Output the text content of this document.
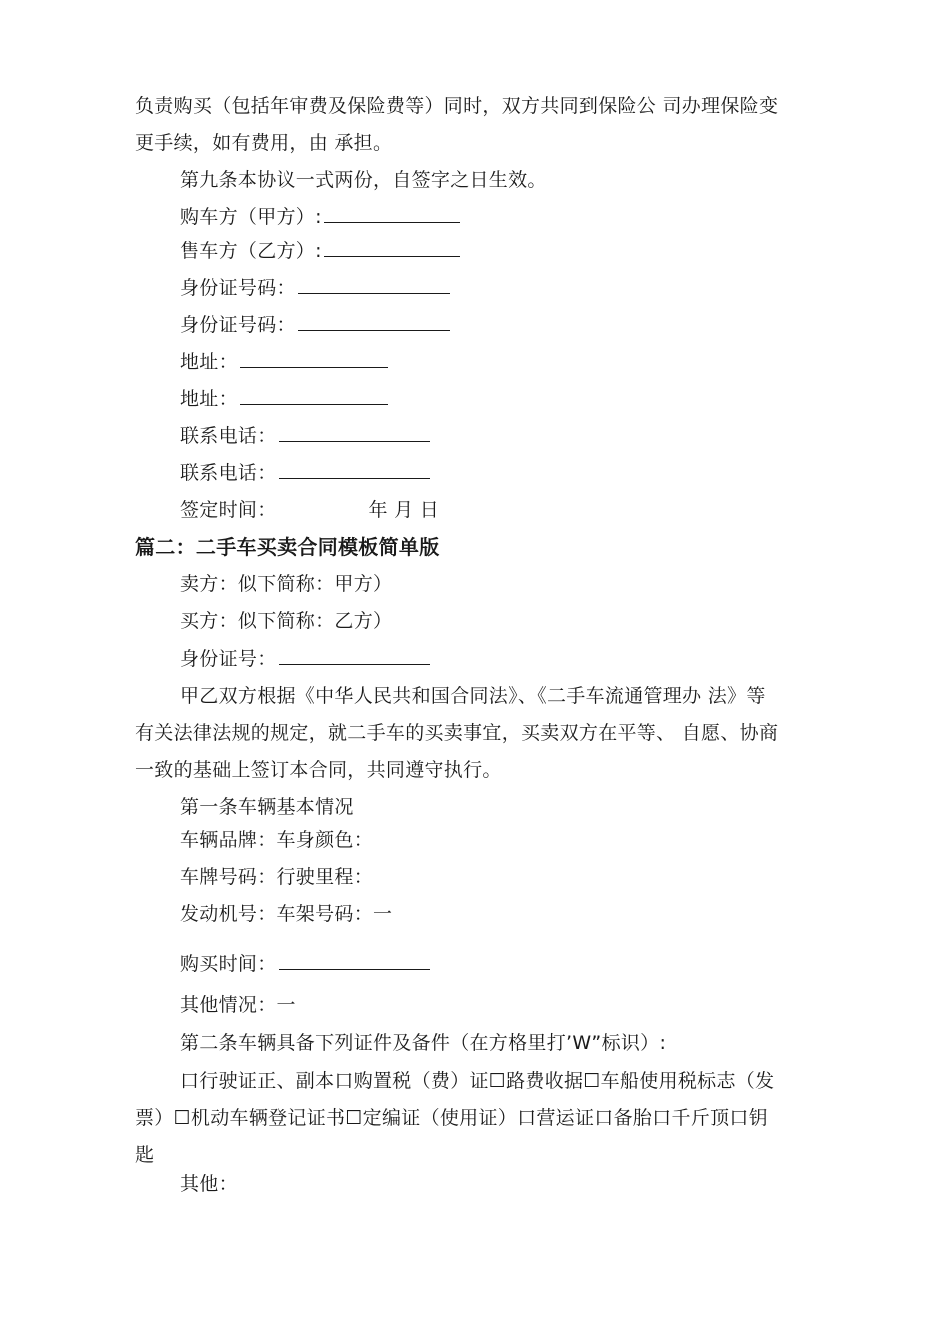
负责购买（包括年审费及保险费等）同时，双方共同到保险公 司办理保险变
更手续，如有费用，由 承担。
第九条本协议一式两份，自签字之日生效。
购车方（甲方）:
售车方（乙方）:
身份证号码：
身份证号码：
地址：
地址：
联系电话：
联系电话：
签定时间：	年 月 日
篇二：二手车买卖合同模板简单版
卖方：似下简称：甲方）
买方：似下简称：乙方）
身份证号：
甲乙双方根据《中华人民共和国合同法》、《二手车流通管理办 法》等
有关法律法规的规定，就二手车的买卖事宜，买卖双方在平等、 自愿、协商
一致的基础上签订本合同，共同遵守执行。
第一条车辆基本情况
车辆品牌：车身颜色：
车牌号码：行驶里程：
发动机号：车架号码：一
购买时间：
其他情况：一
第二条车辆具备下列证件及备件（在方格里打’W”标识）:
口行驶证正、副本口购置税（费）证☐路费收据☐车船使用税标志（发
票）☐机动车辆登记证书☐定编证（使用证）口营运证口备胎口千斤顶口钥
匙
其他：
